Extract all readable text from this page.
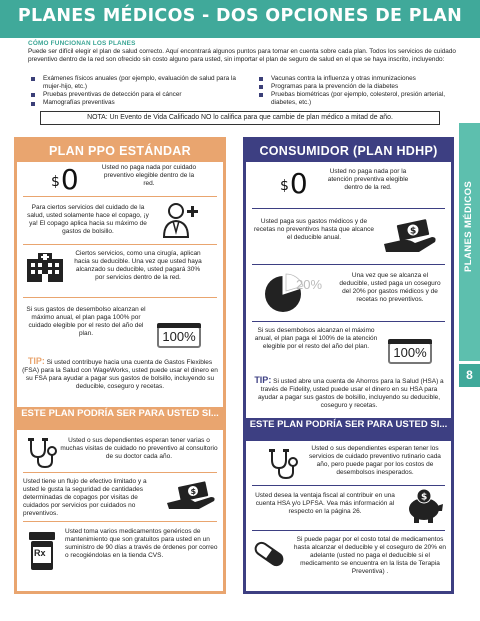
PLANES MÉDICOS - DOS OPCIONES DE PLAN
CÓMO FUNCIONAN LOS PLANES
Puede ser difícil elegir el plan de salud correcto. Aquí encontrará algunos puntos para tomar en cuenta sobre cada plan. Todos los servicios de cuidado preventivo dentro de la red son ofrecido sin costo alguno para usted, sin importar el plan de seguro de salud en el que se haya inscrito, incluyendo:
Exámenes físicos anuales (por ejemplo, evaluación de salud para la mujer-hijo, etc.)
Pruebas preventivas de detección para el cáncer
Mamografías preventivas
Vacunas contra la influenza y otras inmunizaciones
Programas para la prevención de la diabetes
Pruebas biométricas (por ejemplo, colesterol, presión arterial, diabetes, etc.)
NOTA: Un Evento de Vida Calificado NO lo califica para que cambie de plan médico a mitad de año.
PLANES MÉDICOS
8
PLAN PPO ESTÁNDAR
$0	Usted no paga nada por cuidado preventivo elegible dentro de la red.
Para ciertos servicios del cuidado de la salud, usted solamente hace el copago, ¡y ya! El copago aplica hacia su máximo de gastos de bolsillo.
Ciertos servicios, como una cirugía, aplican hacia su deducible. Una vez que usted haya alcanzado su deducible, usted pagará 30% por servicios dentro de la red.
Si sus gastos de desembolso alcanzan el máximo anual, el plan paga 100% por cuidado elegible por el resto del año del plan.	100%
TIP: Si usted contribuye hacia una cuenta de Gastos Flexibles (FSA) para la Salud con WageWorks, usted puede usar el dinero en su FSA para ayudar a pagar sus gastos de bolsillo, incluyendo su deducible, coseguro y recetas.
ESTE PLAN PODRÍA SER PARA USTED SI...
Usted o sus dependientes esperan tener varias o muchas visitas de cuidado no preventivo al consultorio de su doctor cada año.
Usted tiene un flujo de efectivo limitado y a usted le gusta la seguridad de cantidades determinadas de copagos por visitas de cuidados por servicios por cuidados no preventivos.
$
Rx
Usted toma varios medicamentos genéricos de mantenimiento que son gratuitos para usted en un suministro de 90 días a través de órdenes por correo o recogiéndolas en la tienda CVS.
CONSUMIDOR (PLAN HDHP)
$0	Usted no paga nada por la atención preventiva elegible dentro de la red.
Usted paga sus gastos médicos y de recetas no preventivos hasta que alcance el deducible anual.
$
20%
Una vez que se alcanza el deducible, usted paga un coseguro del 20% por gastos médicos y de recetas no preventivos.
Si sus desembolsos alcanzan el máximo anual, el plan paga el 100% de la atención elegible por el resto del año del plan.	100%
TIP: Si usted abre una cuenta de Ahorros para la Salud (HSA) a través de Fidelity, usted puede usar el dinero en su HSA para ayudar a pagar sus gastos de bolsillo, incluyendo su deducible, coseguro y recetas.
ESTE PLAN PODRÍA SER PARA USTED SI...
Usted o sus dependientes esperan tener los servicios de cuidado preventivo rutinario cada año, pero puede pagar por los costos de desembolsos inesperados.
Usted desea la ventaja fiscal al contribuir en una cuenta HSA y/o LPFSA. Vea más información al respecto en la página 26.
$
Si puede pagar por el costo total de medicamentos hasta alcanzar el deducible y el coseguro de 20% en adelante (usted no paga el deducible si el medicamento se encuentra en la lista de Terapia Preventiva) .
